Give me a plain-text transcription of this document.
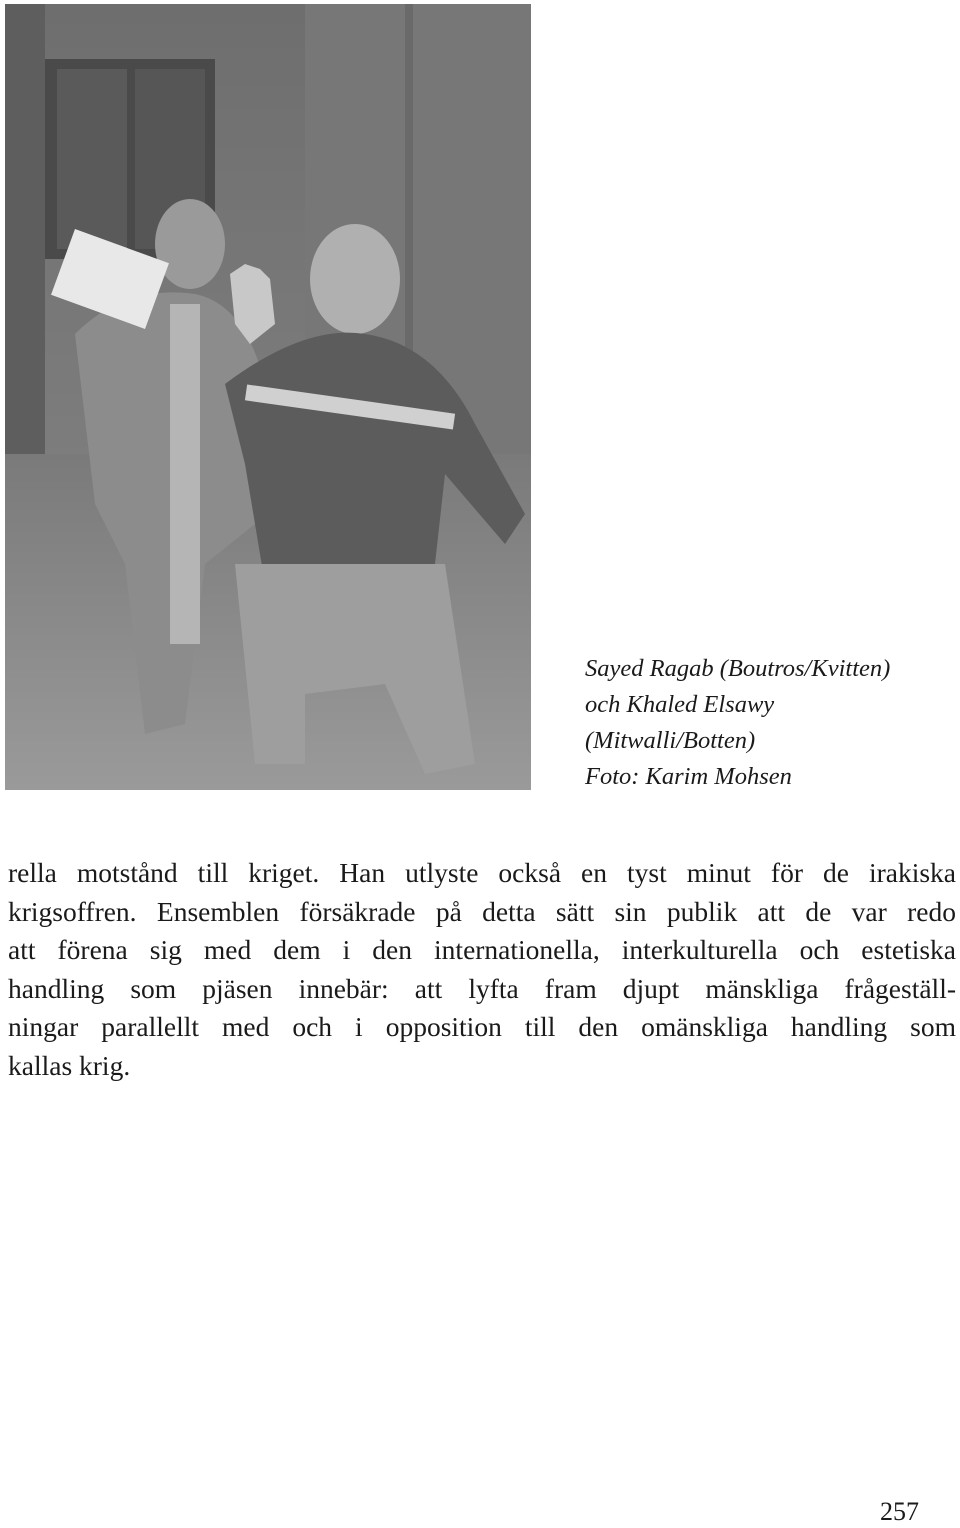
Sayed Ragab (Boutros/Kvitten)
och Khaled Elsawy
(Mitwalli/Botten)
Foto: Karim Mohsen
rella motstånd till kriget. Han utlyste också en tyst minut för de irakiska
krigsoffren. Ensemblen försäkrade på detta sätt sin publik att de var redo
att förena sig med dem i den internationella, interkulturella och estetiska
handling som pjäsen innebär: att lyfta fram djupt mänskliga frågeställ-
ningar parallellt med och i opposition till den omänskliga handling som
kallas krig.
257
